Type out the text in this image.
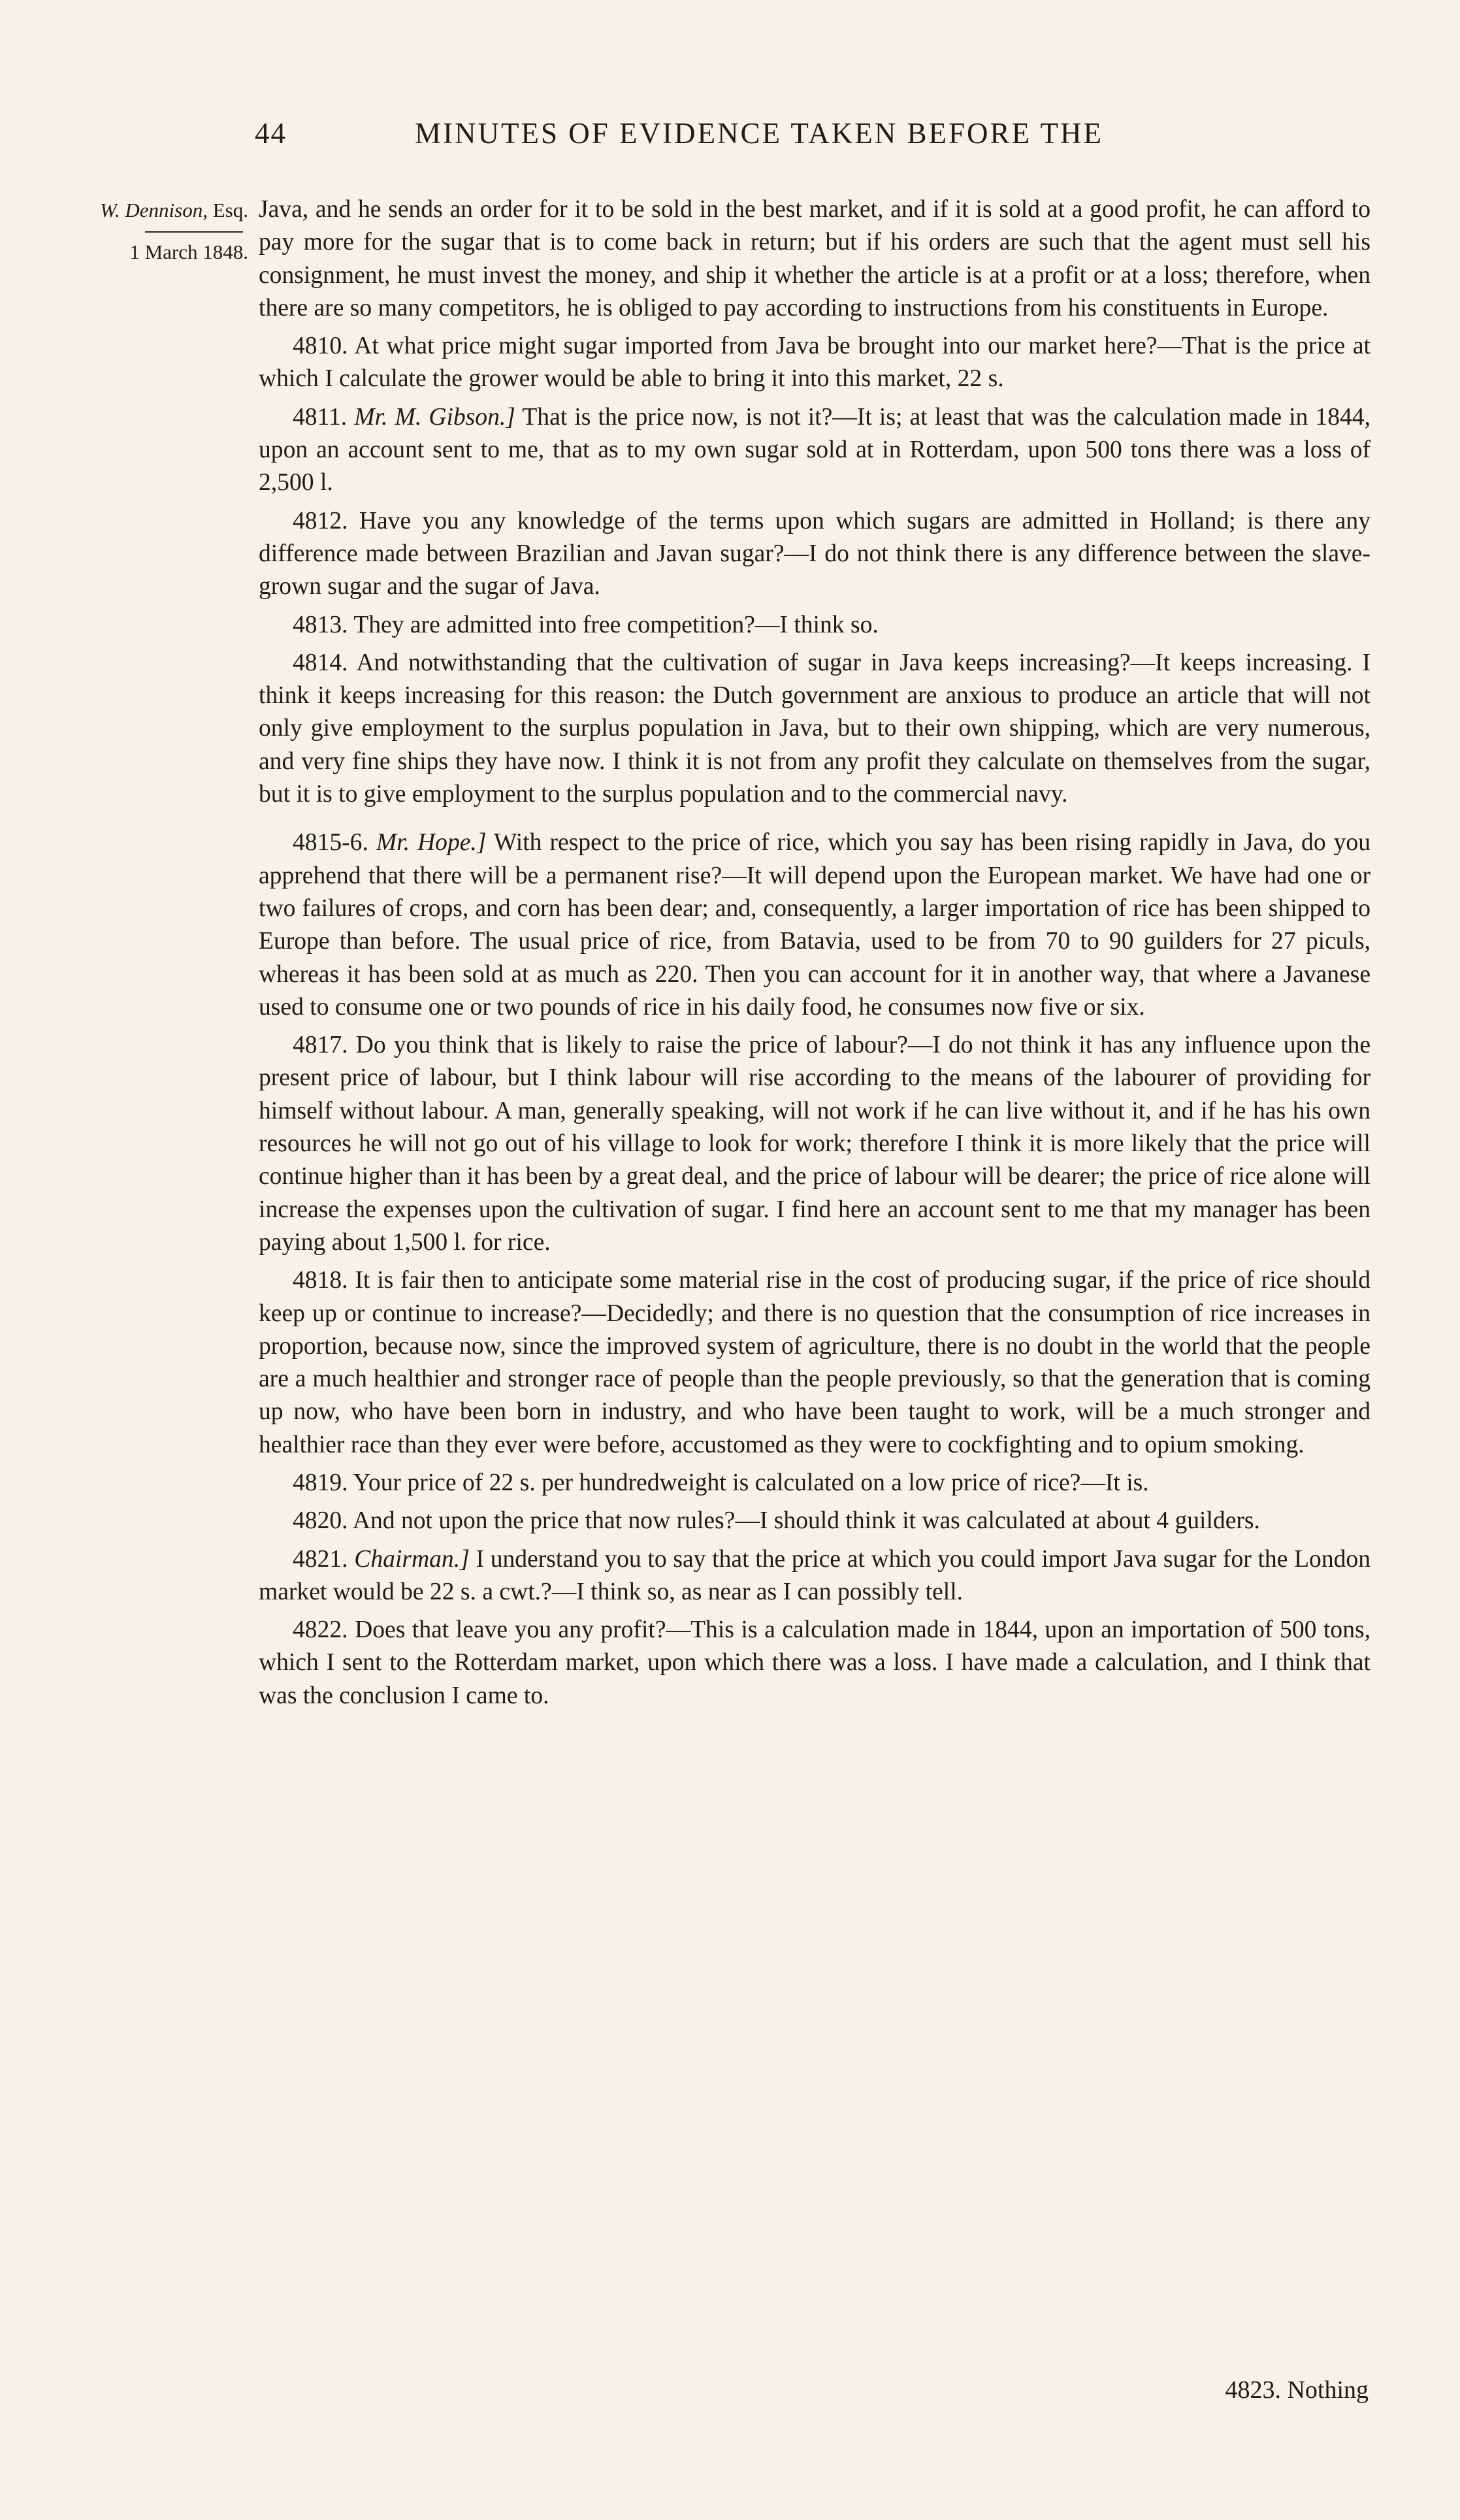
44	MINUTES OF EVIDENCE TAKEN BEFORE THE
W. Dennison, Esq.
1 March 1848.

Java, and he sends an order for it to be sold in the best market, and if it is sold at a good profit, he can afford to pay more for the sugar that is to come back in return; but if his orders are such that the agent must sell his consignment, he must invest the money, and ship it whether the article is at a profit or at a loss; therefore, when there are so many competitors, he is obliged to pay according to instructions from his constituents in Europe.

4810. At what price might sugar imported from Java be brought into our market here?—That is the price at which I calculate the grower would be able to bring it into this market, 22 s.

4811. Mr. M. Gibson.] That is the price now, is not it?—It is; at least that was the calculation made in 1844, upon an account sent to me, that as to my own sugar sold at in Rotterdam, upon 500 tons there was a loss of 2,500 l.

4812. Have you any knowledge of the terms upon which sugars are admitted in Holland; is there any difference made between Brazilian and Javan sugar?—I do not think there is any difference between the slave-grown sugar and the sugar of Java.

4813. They are admitted into free competition?—I think so.

4814. And notwithstanding that the cultivation of sugar in Java keeps increasing?—It keeps increasing. I think it keeps increasing for this reason: the Dutch government are anxious to produce an article that will not only give employment to the surplus population in Java, but to their own shipping, which are very numerous, and very fine ships they have now. I think it is not from any profit they calculate on themselves from the sugar, but it is to give employment to the surplus population and to the commercial navy.

4815-6. Mr. Hope.] With respect to the price of rice, which you say has been rising rapidly in Java, do you apprehend that there will be a permanent rise?—It will depend upon the European market. We have had one or two failures of crops, and corn has been dear; and, consequently, a larger importation of rice has been shipped to Europe than before. The usual price of rice, from Batavia, used to be from 70 to 90 guilders for 27 piculs, whereas it has been sold at as much as 220. Then you can account for it in another way, that where a Javanese used to consume one or two pounds of rice in his daily food, he consumes now five or six.

4817. Do you think that is likely to raise the price of labour?—I do not think it has any influence upon the present price of labour, but I think labour will rise according to the means of the labourer of providing for himself without labour. A man, generally speaking, will not work if he can live without it, and if he has his own resources he will not go out of his village to look for work; therefore I think it is more likely that the price will continue higher than it has been by a great deal, and the price of labour will be dearer; the price of rice alone will increase the expenses upon the cultivation of sugar. I find here an account sent to me that my manager has been paying about 1,500 l. for rice.

4818. It is fair then to anticipate some material rise in the cost of producing sugar, if the price of rice should keep up or continue to increase?—Decidedly; and there is no question that the consumption of rice increases in proportion, because now, since the improved system of agriculture, there is no doubt in the world that the people are a much healthier and stronger race of people than the people previously, so that the generation that is coming up now, who have been born in industry, and who have been taught to work, will be a much stronger and healthier race than they ever were before, accustomed as they were to cockfighting and to opium smoking.

4819. Your price of 22 s. per hundredweight is calculated on a low price of rice?—It is.

4820. And not upon the price that now rules?—I should think it was calculated at about 4 guilders.

4821. Chairman.] I understand you to say that the price at which you could import Java sugar for the London market would be 22 s. a cwt.?—I think so, as near as I can possibly tell.

4822. Does that leave you any profit?—This is a calculation made in 1844, upon an importation of 500 tons, which I sent to the Rotterdam market, upon which there was a loss. I have made a calculation, and I think that was the conclusion I came to.

4823. Nothing
